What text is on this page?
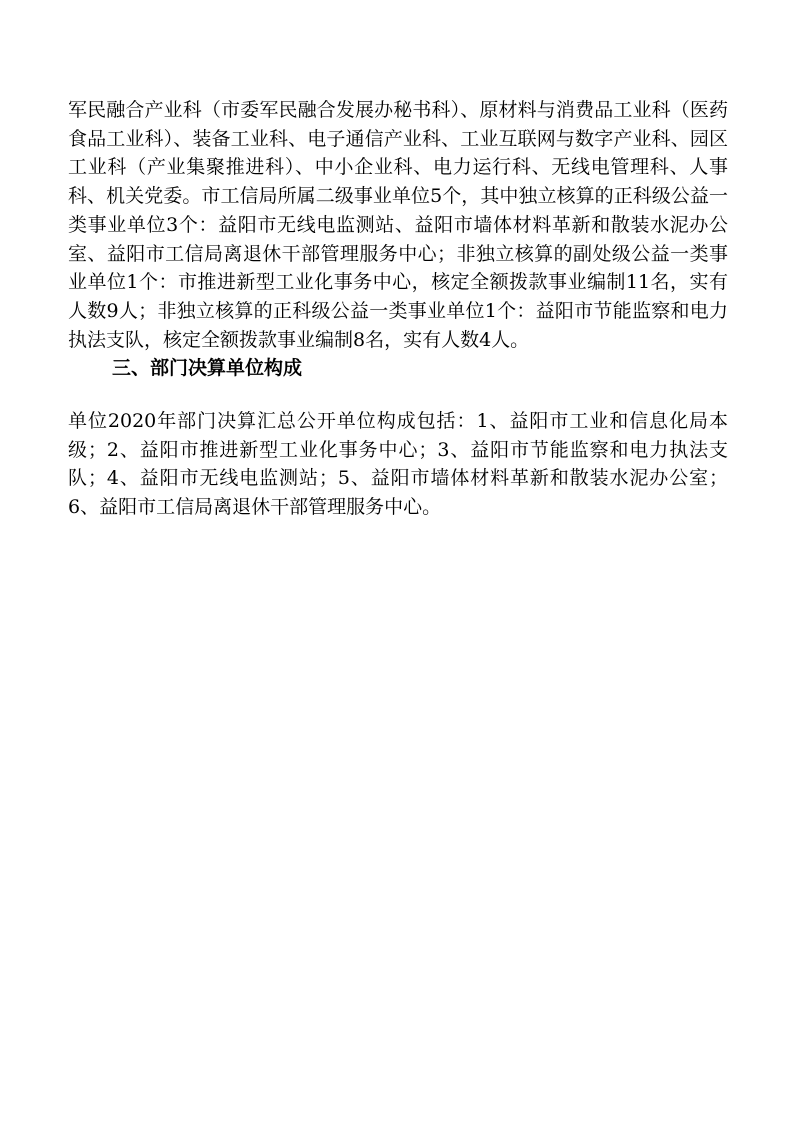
军民融合产业科（市委军民融合发展办秘书科）、原材料与消费品工业科（医药食品工业科）、装备工业科、电子通信产业科、工业互联网与数字产业科、园区工业科（产业集聚推进科）、中小企业科、电力运行科、无线电管理科、人事科、机关党委。市工信局所属二级事业单位5个，其中独立核算的正科级公益一类事业单位3个：益阳市无线电监测站、益阳市墙体材料革新和散装水泥办公室、益阳市工信局离退休干部管理服务中心；非独立核算的副处级公益一类事业单位1个：市推进新型工业化事务中心，核定全额拨款事业编制11名，实有人数9人；非独立核算的正科级公益一类事业单位1个：益阳市节能监察和电力执法支队，核定全额拨款事业编制8名，实有人数4人。

三、部门决算单位构成

单位2020年部门决算汇总公开单位构成包括：1、益阳市工业和信息化局本级；2、益阳市推进新型工业化事务中心；3、益阳市节能监察和电力执法支队；4、益阳市无线电监测站；5、益阳市墙体材料革新和散装水泥办公室；6、益阳市工信局离退休干部管理服务中心。
